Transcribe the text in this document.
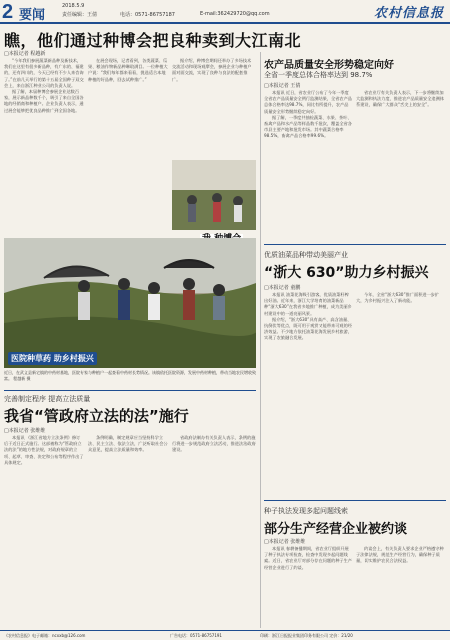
2 要闻
2018.5.9
责任编辑：王倩	电话：0571-86757187	E-mail:362429720@qq.com	农村信息报
瞧，他们通过种博会把良种卖到大江南北
□本报记者 程越新

“今年我们参展蔬菜新品种及新技术，我们在这里有很多新品种，有广东的、福建的，还有四川的，今天已经有不少人来咨询了。”在前几天举行的第十五届全国种子双交会上，来自浙江种业公司的负责人说。

据了解，本届种博会参展企业达数百家，展示新品种数千个，吸引了来自全国各地的经销商和种植户。企业负责人表示，通过展会能够把优良品种推广到全国各地。

在展会现场，记者看到，各类蔬菜、瓜果、粮油作物新品种琳琅满目。一位种植大户说：“我们每年都来看看，挑选适合本地种植的好品种，回去试种推广。”

据介绍，种博会期间还举办了多场技术交流活动和现场观摩会，参展企业与种植户面对面交流，实现了良种与良法的配套推广。

医院种草药 助乡村振兴
近日，在武义县新宅镇的中药材基地，医院专家与种植户一起查看中药材长势情况。该镇依托医院资源，发展中药材种植，带动当地农民增收致富。 程越新 摄
完善制定程序 提高立法质量
我省“管政府立法的法”施行
□本报记者 张维维

本报讯 《浙江省地方立法条例》修订后于近日正式施行。这部被称为“管政府立法的法”的地方性法规，对政府规章的立项、起草、审查、决定和公布等程序作出了具体规定。

条例明确，制定规章应当坚持科学立法、民主立法、依法立法，广泛听取社会公众意见，提高立法质量和效率。

省政府法制办有关负责人表示，条例的施行将进一步规范政府立法活动，推进法治政府建设。

农产品质量安全形势稳定向好
全省一季度总体合格率达到 98.7%
□本报记者 王倩

本报讯 近日，省农业厅公布了今年一季度全省农产品质量安全例行监测结果，全省农产品总体合格率达98.7%，同比有所提升，农产品质量安全形势继续稳定向好。

据了解，一季度共抽检蔬菜、水果、茶叶、畜禽产品和水产品等样品数千批次，覆盖全省各市县主要产地和批发市场。其中蔬菜合格率98.5%，畜禽产品合格率99.6%。

省农业厅有关负责人表示，下一步将继续加大监测和执法力度，推进农产品质量安全追溯体系建设，确保广大群众“舌尖上的安全”。

优质油菜品种带动美丽产业
“浙大 630”助力乡村振兴
□本报记者 童鹏

本报讯 油菜花海吸引游客，优质油菜籽榨出好油。近年来，浙江大学培育的油菜新品种“浙大630”在我省多地推广种植，成为美丽乡村建设中的一道亮丽风景。

据介绍，“浙大630”具有高产、高含油量、抗倒伏等优点，既可用于观赏又能带来可观的经济效益。不少地方依托油菜花海发展乡村旅游，实现了农旅融合发展。

今年，全省“浙大630”推广面积进一步扩大，为乡村振兴注入了新动能。

种子执法发现多起问题线索
部分生产经营企业被约谈
□本报记者 张维维

本报讯 春耕备播期间，省农业厅组织开展了种子执法专项检查，检查中发现多起问题线索。近日，省农业厅对部分存在问题的种子生产经营企业进行了约谈。

约谈会上，有关负责人要求企业严格遵守种子法律法规，规范生产经营行为，确保种子质量，切实维护农民合法权益。

《农村信息报》电子邮箱：ncxxb@126.com	广告电话：0571-86757191	印刷：浙江日报报业集团印务有限公司 定价：21/20
